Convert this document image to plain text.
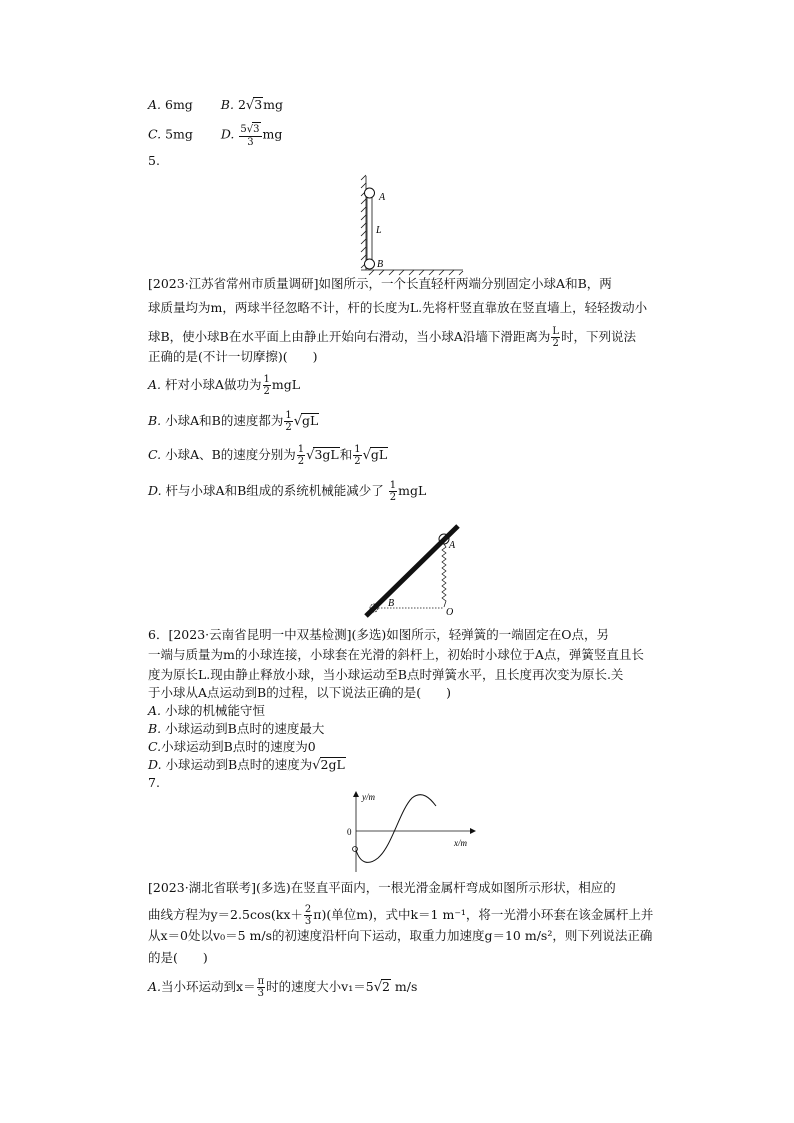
A. 6mg B. 2√3mg
C. 5mg D. $\frac{5√3}{3}$ mg
5.
A
L
B
[2023·江苏省常州市质量调研]如图所示，一个长直轻杆两端分别固定小球A和B，两
球质量均为m，两球半径忽略不计，杆的长度为L.先将杆竖直靠放在竖直墙上，轻轻拨动小
球B，使小球B在水平面上由静止开始向右滑动，当小球A沿墙下滑距离为 $\frac{L}{2}$ 时，下列说法
正确的是(不计一切摩擦)(　　)
A. 杆对小球A做功为 $\frac{1}{2}$ mgL
B. 小球A和B的速度都为 $\frac{1}{2} √gL$
C. 小球A、B的速度分别为 $\frac{1}{2} √3gL$和 $\frac{1}{2} √gL$
D. 杆与小球A和B组成的系统机械能减少了 $\frac{1}{2}$ mgL
A
B
O
6．[2023·云南省昆明一中双基检测](多选)如图所示，轻弹簧的一端固定在O点，另
一端与质量为m的小球连接，小球套在光滑的斜杆上，初始时小球位于A点，弹簧竖直且长
度为原长L.现由静止释放小球，当小球运动至B点时弹簧水平，且长度再次变为原长.关
于小球从A点运动到B的过程，以下说法正确的是(　　)
A. 小球的机械能守恒
B. 小球运动到B点时的速度最大
C.小球运动到B点时的速度为0
D. 小球运动到B点时的速度为√2gL
7.
y/m
x/m
0
[2023·湖北省联考](多选)在竖直平面内，一根光滑金属杆弯成如图所示形状，相应的
曲线方程为$y=2.5\cos(kx+ \frac{2}{3} \pi)$(单位m)，式中k＝1 m⁻¹，将一光滑小环套在该金属杆上并
从x＝0处以v₀＝5 m/s的初速度沿杆向下运动，取重力加速度g＝10 m/s²，则下列说法正确
的是(　　)
A.当小环运动到$x= \frac{\pi}{3}$ 时的速度大小v₁＝5√2 m/s
